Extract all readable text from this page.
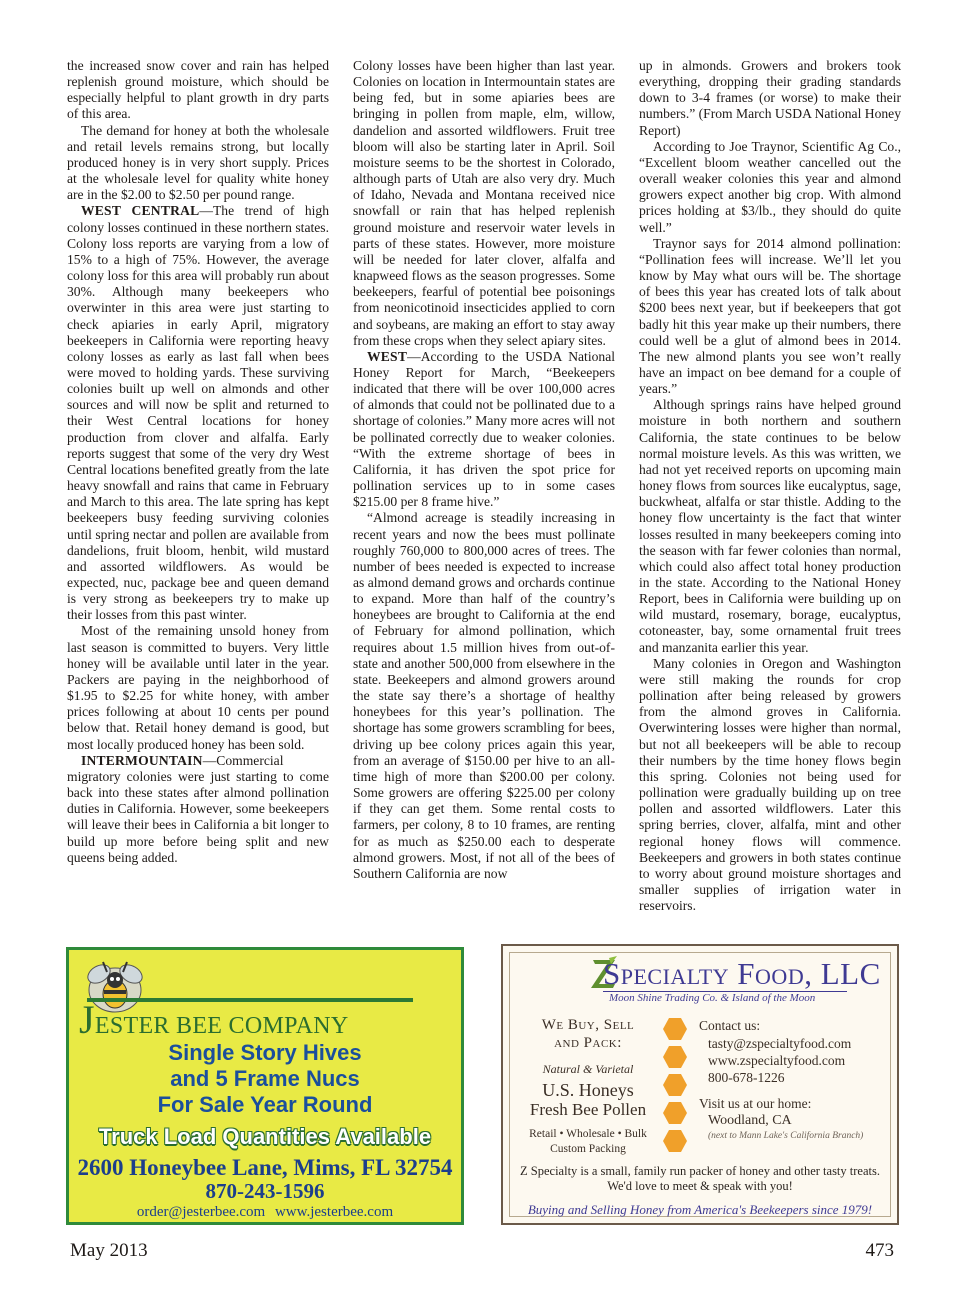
the increased snow cover and rain has helped replenish ground moisture, which should be especially helpful to plant growth in dry parts of this area.

The demand for honey at both the wholesale and retail levels remains strong, but locally produced honey is in very short supply. Prices at the wholesale level for quality white honey are in the $2.00 to $2.50 per pound range.

WEST CENTRAL—The trend of high colony losses continued in these northern states. Colony loss reports are varying from a low of 15% to a high of 75%. However, the average colony loss for this area will probably run about 30%. Although many beekeepers who overwinter in this area were just starting to check apiaries in early April, migratory beekeepers in California were reporting heavy colony losses as early as last fall when bees were moved to holding yards. These surviving colonies built up well on almonds and other sources and will now be split and returned to their West Central locations for honey production from clover and alfalfa. Early reports suggest that some of the very dry West Central locations benefited greatly from the late heavy snowfall and rains that came in February and March to this area. The late spring has kept beekeepers busy feeding surviving colonies until spring nectar and pollen are available from dandelions, fruit bloom, henbit, wild mustard and assorted wildflowers. As would be expected, nuc, package bee and queen demand is very strong as beekeepers try to make up their losses from this past winter.

Most of the remaining unsold honey from last season is committed to buyers. Very little honey will be available until later in the year. Packers are paying in the neighborhood of $1.95 to $2.25 for white honey, with amber prices following at about 10 cents per pound below that. Retail honey demand is good, but most locally produced honey has been sold.

INTERMOUNTAIN—Commercial migratory colonies were just starting to come back into these states after almond pollination duties in California. However, some beekeepers will leave their bees in California a bit longer to build up more before being split and new queens being added.

Colony losses have been higher than last year. Colonies on location in Intermountain states are being fed, but in some apiaries bees are bringing in pollen from maple, elm, willow, dandelion and assorted wildflowers. Fruit tree bloom will also be starting later in April. Soil moisture seems to be the shortest in Colorado, although parts of Utah are also very dry. Much of Idaho, Nevada and Montana received nice snowfall or rain that has helped replenish ground moisture and reservoir water levels in parts of these states. However, more moisture will be needed for later clover, alfalfa and knapweed flows as the season progresses. Some beekeepers, fearful of potential bee poisonings from neonicotinoid insecticides applied to corn and soybeans, are making an effort to stay away from these crops when they select apiary sites.

WEST—According to the USDA National Honey Report for March, “Beekeepers indicated that there will be over 100,000 acres of almonds that could not be pollinated due to a shortage of colonies.” Many more acres will not be pollinated correctly due to weaker colonies. “With the extreme shortage of bees in California, it has driven the spot price for pollination services up to in some cases $215.00 per 8 frame hive.”

“Almond acreage is steadily increasing in recent years and now the bees must pollinate roughly 760,000 to 800,000 acres of trees. The number of bees needed is expected to increase as almond demand grows and orchards continue to expand. More than half of the country’s honeybees are brought to California at the end of February for almond pollination, which requires about 1.5 million hives from out-of-state and another 500,000 from elsewhere in the state. Beekeepers and almond growers around the state say there’s a shortage of healthy honeybees for this year’s pollination. The shortage has some growers scrambling for bees, driving up bee colony prices again this year, from an average of $150.00 per hive to an all-time high of more than $200.00 per colony. Some growers are offering $225.00 per colony if they can get them. Some rental costs to farmers, per colony, 8 to 10 frames, are renting for as much as $250.00 each to desperate almond growers. Most, if not all of the bees of Southern California are now

up in almonds. Growers and brokers took everything, dropping their grading standards down to 3-4 frames (or worse) to make their numbers.” (From March USDA National Honey Report)

According to Joe Traynor, Scientific Ag Co., “Excellent bloom weather cancelled out the overall weaker colonies this year and almond growers expect another big crop. With almond prices holding at $3/lb., they should do quite well.”

Traynor says for 2014 almond pollination: “Pollination fees will increase. We’ll let you know by May what ours will be. The shortage of bees this year has created lots of talk about $200 bees next year, but if beekeepers that got badly hit this year make up their numbers, there could well be a glut of almond bees in 2014. The new almond plants you see won’t really have an impact on bee demand for a couple of years.”

Although springs rains have helped ground moisture in both northern and southern California, the state continues to be below normal moisture levels. As this was written, we had not yet received reports on upcoming main honey flows from sources like eucalyptus, sage, buckwheat, alfalfa or star thistle. Adding to the honey flow uncertainty is the fact that winter losses resulted in many beekeepers coming into the season with far fewer colonies than normal, which could also affect total honey production in the state. According to the National Honey Report, bees in California were building up on wild mustard, rosemary, borage, eucalyptus, cotoneaster, bay, some ornamental fruit trees and manzanita earlier this year.

Many colonies in Oregon and Washington were still making the rounds for crop pollination after being released by growers from the almond groves in California. Overwintering losses were higher than normal, but not all beekeepers will be able to recoup their numbers by the time honey flows begin this spring. Colonies not being used for pollination were gradually building up on tree pollen and assorted wildflowers. Later this spring berries, clover, alfalfa, mint and other regional honey flows will commence. Beekeepers and growers in both states continue to worry about ground moisture shortages and smaller supplies of irrigation water in reservoirs.

JESTER BEE COMPANY
Single Story Hives
and 5 Frame Nucs
For Sale Year Round
Truck Load Quantities Available
2600 Honeybee Lane, Mims, FL 32754
870-243-1596
order@jesterbee.com www.jesterbee.com
Specialty Food, LLC
Moon Shine Trading Co. & Island of the Moon
We Buy, Sell
and Pack:
Natural & Varietal
U.S. Honeys
Fresh Bee Pollen
Retail • Wholesale • Bulk
Custom Packing
Contact us:
tasty@zspecialtyfood.com
www.zspecialtyfood.com
800-678-1226
Visit us at our home:
Woodland, CA
(next to Mann Lake's California Branch)
Z Specialty is a small, family run packer of honey and other tasty treats. We'd love to meet & speak with you!
Buying and Selling Honey from America's Beekeepers since 1979!
May 2013	473
